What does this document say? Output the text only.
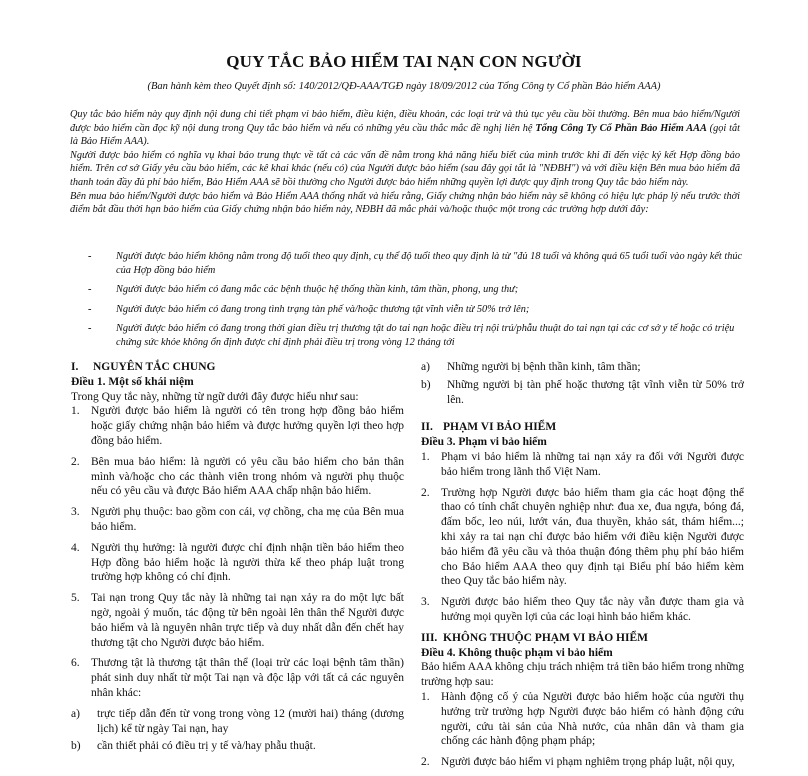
QUY TẮC BẢO HIỂM TAI NẠN CON NGƯỜI
(Ban hành kèm theo Quyết định số: 140/2012/QĐ-AAA/TGĐ ngày 18/09/2012 của Tổng Công ty Cổ phần Bảo hiểm AAA)

Quy tắc bảo hiểm này quy định nội dung chi tiết phạm vi bảo hiểm, điều kiện, điều khoản, các loại trừ và thủ tục yêu cầu bồi thường. Bên mua bảo hiểm/Người được bảo hiểm cần đọc kỹ nội dung trong Quy tắc bảo hiểm và nếu có những yêu cầu thắc mắc đề nghị liên hệ Tổng Công Ty Cổ Phần Bảo Hiểm AAA (gọi tắt là Bảo Hiểm AAA).

Người được bảo hiểm có nghĩa vụ khai báo trung thực về tất cả các vấn đề nằm trong khả năng hiểu biết của mình trước khi đi đến việc ký kết Hợp đồng bảo hiểm. Trên cơ sở Giấy yêu cầu bảo hiểm, các kê khai khác (nếu có) của Người được bảo hiểm (sau đây gọi tắt là "NĐBH") và với điều kiện Bên mua bảo hiểm đã thanh toán đầy đủ phí bảo hiểm, Bảo Hiểm AAA sẽ bồi thường cho Người được bảo hiểm những quyền lợi được quy định trong Quy tắc bảo hiểm này.

Bên mua bảo hiểm/Người được bảo hiểm và Bảo Hiểm AAA thống nhất và hiểu rằng, Giấy chứng nhận bảo hiểm này sẽ không có hiệu lực pháp lý nếu trước thời điểm bắt đầu thời hạn bảo hiểm của Giấy chứng nhận bảo hiểm này, NĐBH đã mắc phải và/hoặc thuộc một trong các trường hợp dưới đây:

- Người được bảo hiểm không nằm trong độ tuổi theo quy định, cụ thể độ tuổi theo quy định là từ "đủ 18 tuổi và không quá 65 tuổi tuổi vào ngày kết thúc của Hợp đồng bảo hiểm
- Người được bảo hiểm có đang mắc các bệnh thuộc hệ thống thần kinh, tâm thần, phong, ung thư;
- Người được bảo hiểm có đang trong tình trạng tàn phế và/hoặc thương tật vĩnh viễn từ 50% trở lên;
- Người được bảo hiểm có đang trong thời gian điều trị thương tật do tai nạn hoặc điều trị nội trú/phẫu thuật do tai nạn tại các cơ sở y tế hoặc có triệu chứng sức khỏe không ổn định được chỉ định phải điều trị trong vòng 12 tháng tới

I. NGUYÊN TẮC CHUNG

Điều 1. Một số khái niệm

Trong Quy tắc này, những từ ngữ dưới đây được hiểu như sau:

1. Người được bảo hiểm là người có tên trong hợp đồng bảo hiểm hoặc giấy chứng nhận bảo hiểm và được hưởng quyền lợi theo hợp đồng bảo hiểm.
2. Bên mua bảo hiểm: là người có yêu cầu bảo hiểm cho bản thân mình và/hoặc cho các thành viên trong nhóm và người phụ thuộc nếu có yêu cầu và được Bảo hiểm AAA chấp nhận bảo hiểm.
3. Người phụ thuộc: bao gồm con cái, vợ chồng, cha mẹ của Bên mua bảo hiểm.
4. Người thụ hưởng: là người được chỉ định nhận tiền bảo hiểm theo Hợp đồng bảo hiểm hoặc là người thừa kế theo pháp luật trong trường hợp không có chỉ định.
5. Tai nạn trong Quy tắc này là những tai nạn xảy ra do một lực bất ngờ, ngoài ý muốn, tác động từ bên ngoài lên thân thể Người được bảo hiểm và là nguyên nhân trực tiếp và duy nhất dẫn đến chết hay thương tật cho Người được bảo hiểm.
6. Thương tật là thương tật thân thể (loại trừ các loại bệnh tâm thần) phát sinh duy nhất từ một Tai nạn và độc lập với tất cả các nguyên nhân khác:
a) trực tiếp dẫn đến từ vong trong vòng 12 (mười hai) tháng (dương lịch) kể từ ngày Tai nạn, hay
b) cần thiết phải có điều trị y tế và/hay phẫu thuật.
a) Những người bị bệnh thần kinh, tâm thần;
b) Những người bị tàn phế hoặc thương tật vĩnh viễn từ 50% trở lên.

II. PHẠM VI BẢO HIỂM

Điều 3. Phạm vi bảo hiểm

1. Phạm vi bảo hiểm là những tai nạn xảy ra đối với Người được bảo hiểm trong lãnh thổ Việt Nam.
2. Trường hợp Người được bảo hiểm tham gia các hoạt động thể thao có tính chất chuyên nghiệp như: đua xe, đua ngựa, bóng đá, đấm bốc, leo núi, lướt ván, đua thuyền, khảo sát, thám hiểm...; khi xảy ra tai nạn chỉ được bảo hiểm với điều kiện Người được bảo hiểm đã yêu cầu và thỏa thuận đóng thêm phụ phí bảo hiểm cho Bảo hiểm AAA theo quy định tại Biểu phí bảo hiểm kèm theo Quy tắc bảo hiểm này.
3. Người được bảo hiểm theo Quy tắc này vẫn được tham gia và hưởng mọi quyền lợi của các loại hình bảo hiểm khác.

III. KHÔNG THUỘC PHẠM VI BẢO HIỂM

Điều 4. Không thuộc phạm vi bảo hiểm

Bảo hiểm AAA không chịu trách nhiệm trả tiền bảo hiểm trong những trường hợp sau:

1. Hành động cố ý của Người được bảo hiểm hoặc của người thụ hưởng trừ trường hợp Người được bảo hiểm có hành động cứu người, cứu tài sản của Nhà nước, của nhân dân và tham gia chống các hành động phạm pháp;
2. Người được bảo hiểm vi phạm nghiêm trọng pháp luật, nội quy,
